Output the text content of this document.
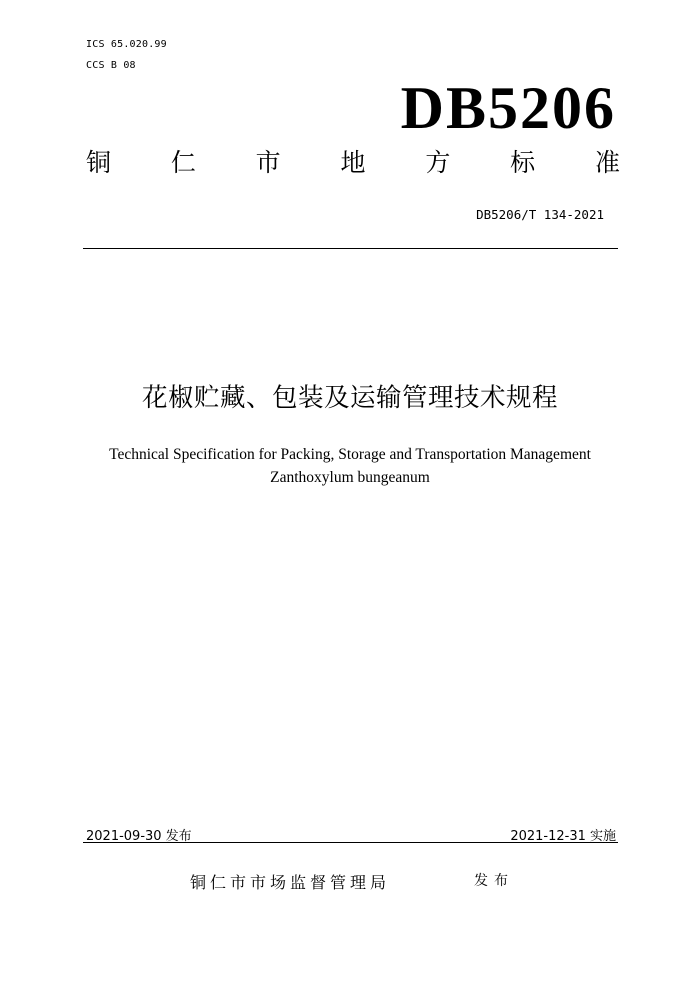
ICS 65.020.99
CCS B 08
DB5206
铜 仁 市 地 方 标 准
DB5206/T 134-2021
花椒贮藏、包装及运输管理技术规程
Technical Specification for Packing, Storage and Transportation Management
Zanthoxylum bungeanum
2021-09-30 发布	2021-12-31 实施
铜仁市市场监督管理局	发布
